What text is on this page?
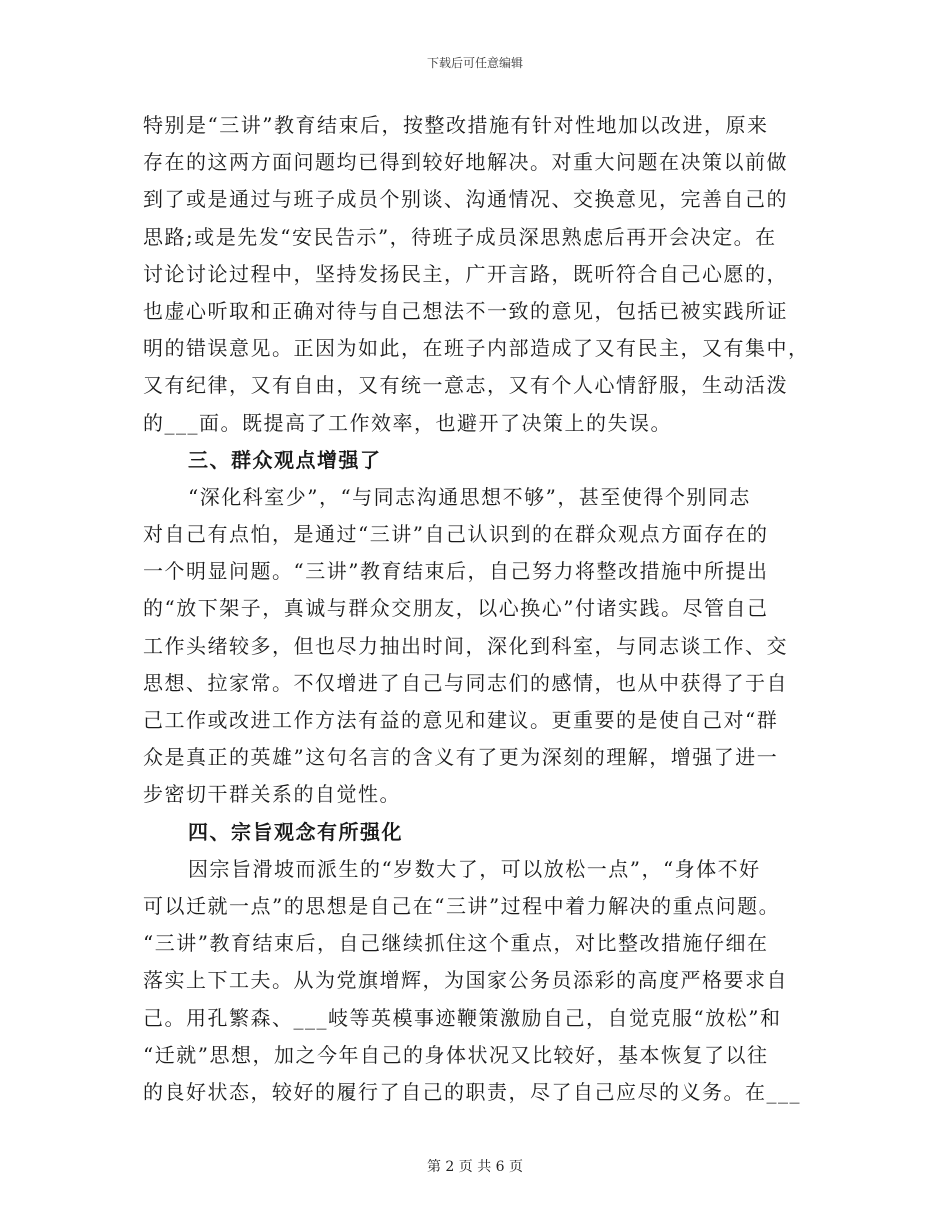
下载后可任意编辑
特别是“三讲”教育结束后，按整改措施有针对性地加以改进，原来
存在的这两方面问题均已得到较好地解决。对重大问题在决策以前做
到了或是通过与班子成员个别谈、沟通情况、交换意见，完善自己的
思路;或是先发“安民告示”，待班子成员深思熟虑后再开会决定。在
讨论讨论过程中，坚持发扬民主，广开言路，既听符合自己心愿的，
也虚心听取和正确对待与自己想法不一致的意见，包括已被实践所证
明的错误意见。正因为如此，在班子内部造成了又有民主，又有集中，
又有纪律，又有自由，又有统一意志，又有个人心情舒服，生动活泼
的___面。既提高了工作效率，也避开了决策上的失误。
三、群众观点增强了
“深化科室少”，“与同志沟通思想不够”，甚至使得个别同志
对自己有点怕，是通过“三讲”自己认识到的在群众观点方面存在的
一个明显问题。“三讲”教育结束后，自己努力将整改措施中所提出
的“放下架子，真诚与群众交朋友，以心换心”付诸实践。尽管自己
工作头绪较多，但也尽力抽出时间，深化到科室，与同志谈工作、交
思想、拉家常。不仅增进了自己与同志们的感情，也从中获得了于自
己工作或改进工作方法有益的意见和建议。更重要的是使自己对“群
众是真正的英雄”这句名言的含义有了更为深刻的理解，增强了进一
步密切干群关系的自觉性。
四、宗旨观念有所强化
因宗旨滑坡而派生的“岁数大了，可以放松一点”，“身体不好
可以迁就一点”的思想是自己在“三讲”过程中着力解决的重点问题。
“三讲”教育结束后，自己继续抓住这个重点，对比整改措施仔细在
落实上下工夫。从为党旗增辉，为国家公务员添彩的高度严格要求自
己。用孔繁森、___岐等英模事迹鞭策激励自己，自觉克服“放松”和
“迁就”思想，加之今年自己的身体状况又比较好，基本恢复了以往
的良好状态，较好的履行了自己的职责，尽了自己应尽的义务。在___
第 2 页 共 6 页
